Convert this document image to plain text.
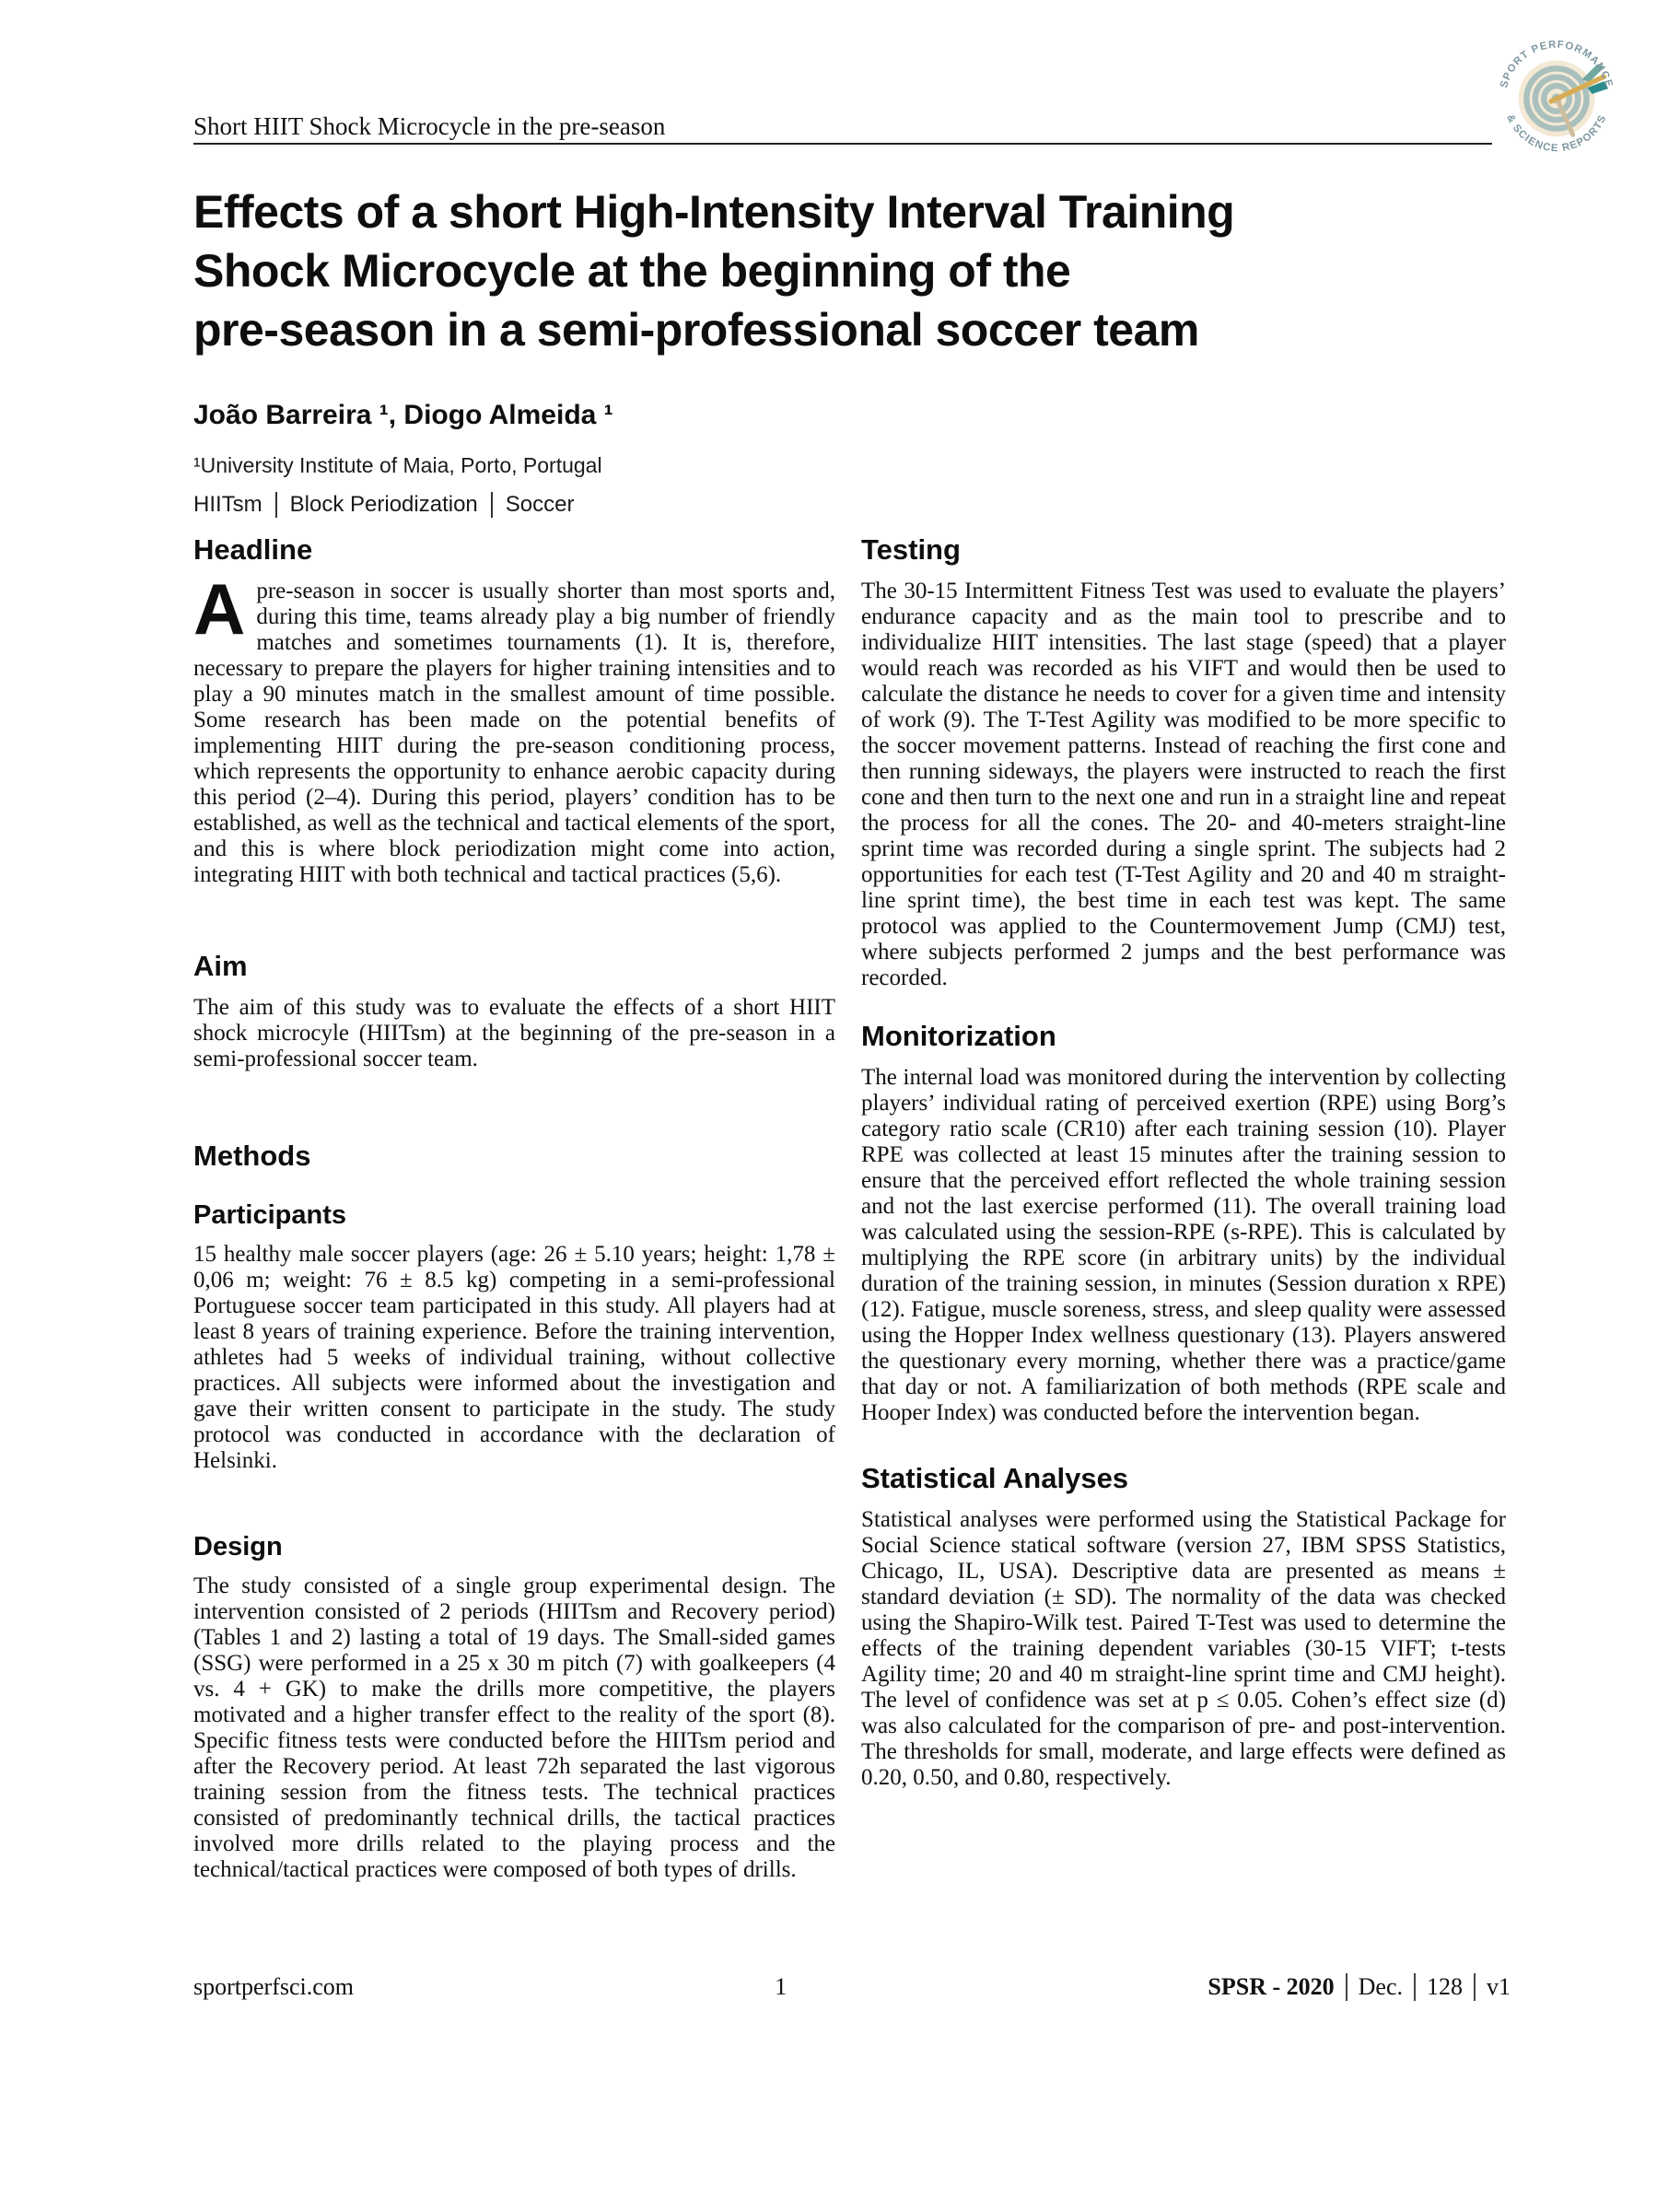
Short HIIT Shock Microcycle in the pre-season
SPORT PERFORMANCE
& SCIENCE REPORTS
Effects of a short High-Intensity Interval Training
Shock Microcycle at the beginning of the
pre-season in a semi-professional soccer team
João Barreira ¹, Diogo Almeida ¹
¹University Institute of Maia, Porto, Portugal
HIITsm Block Periodization Soccer
Headline

Apre-season in soccer is usually shorter than most sports and, during this time, teams already play a big number of friendly matches and sometimes tournaments (1). It is, therefore, necessary to prepare the players for higher training intensities and to play a 90 minutes match in the smallest amount of time possible. Some research has been made on the potential benefits of implementing HIIT during the pre-season conditioning process, which represents the opportunity to enhance aerobic capacity during this period (2–4). During this period, players’ condition has to be established, as well as the technical and tactical elements of the sport, and this is where block periodization might come into action, integrating HIIT with both technical and tactical practices (5,6).

Aim

The aim of this study was to evaluate the effects of a short HIIT shock microcyle (HIITsm) at the beginning of the pre-season in a semi-professional soccer team.

Methods
Participants

15 healthy male soccer players (age: 26 ± 5.10 years; height: 1,78 ± 0,06 m; weight: 76 ± 8.5 kg) competing in a semi-professional Portuguese soccer team participated in this study. All players had at least 8 years of training experience. Before the training intervention, athletes had 5 weeks of individual training, without collective practices. All subjects were informed about the investigation and gave their written consent to participate in the study. The study protocol was conducted in accordance with the declaration of Helsinki.

Design

The study consisted of a single group experimental design. The intervention consisted of 2 periods (HIITsm and Recovery period) (Tables 1 and 2) lasting a total of 19 days. The Small-sided games (SSG) were performed in a 25 x 30 m pitch (7) with goalkeepers (4 vs. 4 + GK) to make the drills more competitive, the players motivated and a higher transfer effect to the reality of the sport (8). Specific fitness tests were conducted before the HIITsm period and after the Recovery period. At least 72h separated the last vigorous training session from the fitness tests. The technical practices consisted of predominantly technical drills, the tactical practices involved more drills related to the playing process and the technical/tactical practices were composed of both types of drills.

Testing

The 30-15 Intermittent Fitness Test was used to evaluate the players’ endurance capacity and as the main tool to prescribe and to individualize HIIT intensities. The last stage (speed) that a player would reach was recorded as his VIFT and would then be used to calculate the distance he needs to cover for a given time and intensity of work (9). The T-Test Agility was modified to be more specific to the soccer movement patterns. Instead of reaching the first cone and then running sideways, the players were instructed to reach the first cone and then turn to the next one and run in a straight line and repeat the process for all the cones. The 20- and 40-meters straight-line sprint time was recorded during a single sprint. The subjects had 2 opportunities for each test (T-Test Agility and 20 and 40 m straight-line sprint time), the best time in each test was kept. The same protocol was applied to the Countermovement Jump (CMJ) test, where subjects performed 2 jumps and the best performance was recorded.

Monitorization

The internal load was monitored during the intervention by collecting players’ individual rating of perceived exertion (RPE) using Borg’s category ratio scale (CR10) after each training session (10). Player RPE was collected at least 15 minutes after the training session to ensure that the perceived effort reflected the whole training session and not the last exercise performed (11). The overall training load was calculated using the session-RPE (s-RPE). This is calculated by multiplying the RPE score (in arbitrary units) by the individual duration of the training session, in minutes (Session duration x RPE) (12). Fatigue, muscle soreness, stress, and sleep quality were assessed using the Hopper Index wellness questionary (13). Players answered the questionary every morning, whether there was a practice/game that day or not. A familiarization of both methods (RPE scale and Hooper Index) was conducted before the intervention began.

Statistical Analyses

Statistical analyses were performed using the Statistical Package for Social Science statical software (version 27, IBM SPSS Statistics, Chicago, IL, USA). Descriptive data are presented as means ± standard deviation (± SD). The normality of the data was checked using the Shapiro-Wilk test. Paired T-Test was used to determine the effects of the training dependent variables (30-15 VIFT; t-tests Agility time; 20 and 40 m straight-line sprint time and CMJ height). The level of confidence was set at p ≤ 0.05. Cohen’s effect size (d) was also calculated for the comparison of pre- and post-intervention. The thresholds for small, moderate, and large effects were defined as 0.20, 0.50, and 0.80, respectively.

sportperfsci.com	1	SPSR - 2020 Dec. 128 v1
